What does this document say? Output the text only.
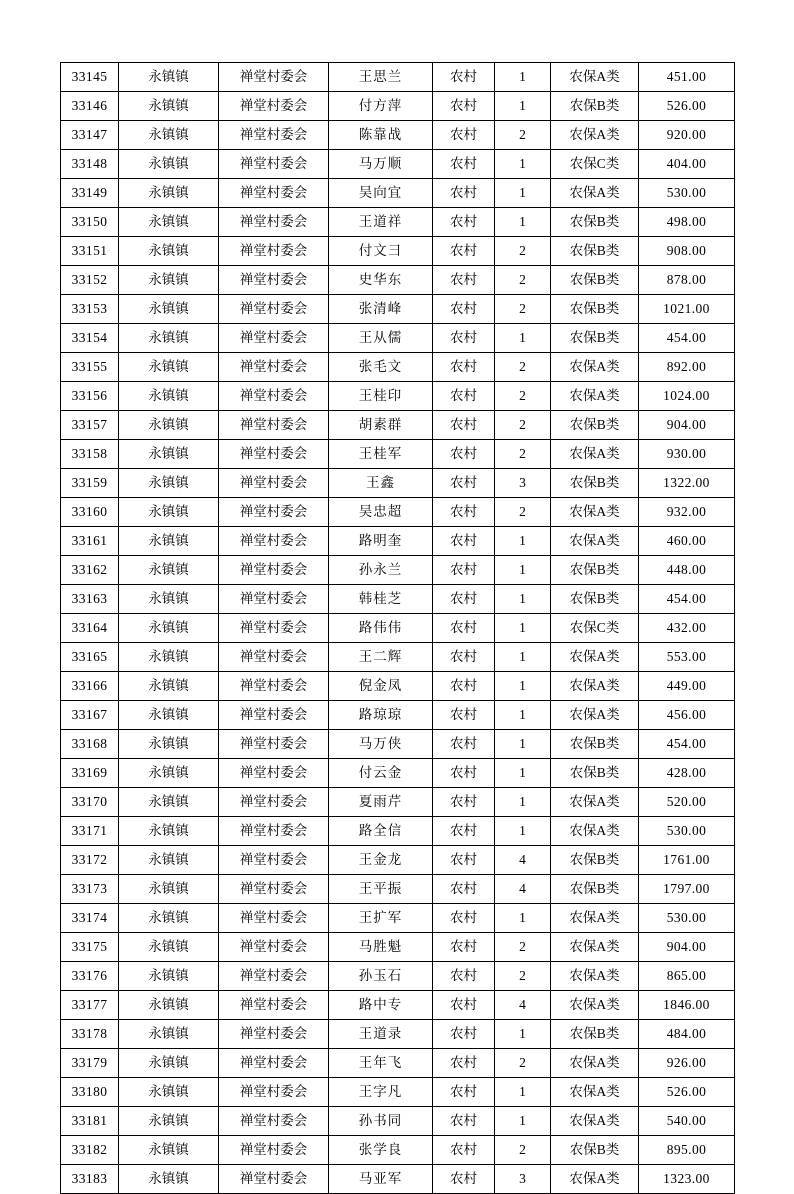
33145	永镇镇	禅堂村委会	王思兰	农村	1	农保A类	451.00
33146	永镇镇	禅堂村委会	付方萍	农村	1	农保B类	526.00
33147	永镇镇	禅堂村委会	陈靠战	农村	2	农保A类	920.00
33148	永镇镇	禅堂村委会	马万顺	农村	1	农保C类	404.00
33149	永镇镇	禅堂村委会	吴向宜	农村	1	农保A类	530.00
33150	永镇镇	禅堂村委会	王道祥	农村	1	农保B类	498.00
33151	永镇镇	禅堂村委会	付文彐	农村	2	农保B类	908.00
33152	永镇镇	禅堂村委会	史华东	农村	2	农保B类	878.00
33153	永镇镇	禅堂村委会	张清峰	农村	2	农保B类	1021.00
33154	永镇镇	禅堂村委会	王从儒	农村	1	农保B类	454.00
33155	永镇镇	禅堂村委会	张毛文	农村	2	农保A类	892.00
33156	永镇镇	禅堂村委会	王桂印	农村	2	农保A类	1024.00
33157	永镇镇	禅堂村委会	胡素群	农村	2	农保B类	904.00
33158	永镇镇	禅堂村委会	王桂军	农村	2	农保A类	930.00
33159	永镇镇	禅堂村委会	王鑫	农村	3	农保B类	1322.00
33160	永镇镇	禅堂村委会	吴忠超	农村	2	农保A类	932.00
33161	永镇镇	禅堂村委会	路明奎	农村	1	农保A类	460.00
33162	永镇镇	禅堂村委会	孙永兰	农村	1	农保B类	448.00
33163	永镇镇	禅堂村委会	韩桂芝	农村	1	农保B类	454.00
33164	永镇镇	禅堂村委会	路伟伟	农村	1	农保C类	432.00
33165	永镇镇	禅堂村委会	王二辉	农村	1	农保A类	553.00
33166	永镇镇	禅堂村委会	倪金凤	农村	1	农保A类	449.00
33167	永镇镇	禅堂村委会	路琼琼	农村	1	农保A类	456.00
33168	永镇镇	禅堂村委会	马万侠	农村	1	农保B类	454.00
33169	永镇镇	禅堂村委会	付云金	农村	1	农保B类	428.00
33170	永镇镇	禅堂村委会	夏雨芹	农村	1	农保A类	520.00
33171	永镇镇	禅堂村委会	路全信	农村	1	农保A类	530.00
33172	永镇镇	禅堂村委会	王金龙	农村	4	农保B类	1761.00
33173	永镇镇	禅堂村委会	王平振	农村	4	农保B类	1797.00
33174	永镇镇	禅堂村委会	王扩军	农村	1	农保A类	530.00
33175	永镇镇	禅堂村委会	马胜魁	农村	2	农保A类	904.00
33176	永镇镇	禅堂村委会	孙玉石	农村	2	农保A类	865.00
33177	永镇镇	禅堂村委会	路中专	农村	4	农保A类	1846.00
33178	永镇镇	禅堂村委会	王道录	农村	1	农保B类	484.00
33179	永镇镇	禅堂村委会	王年飞	农村	2	农保A类	926.00
33180	永镇镇	禅堂村委会	王字凡	农村	1	农保A类	526.00
33181	永镇镇	禅堂村委会	孙书同	农村	1	农保A类	540.00
33182	永镇镇	禅堂村委会	张学良	农村	2	农保B类	895.00
33183	永镇镇	禅堂村委会	马亚军	农村	3	农保A类	1323.00
